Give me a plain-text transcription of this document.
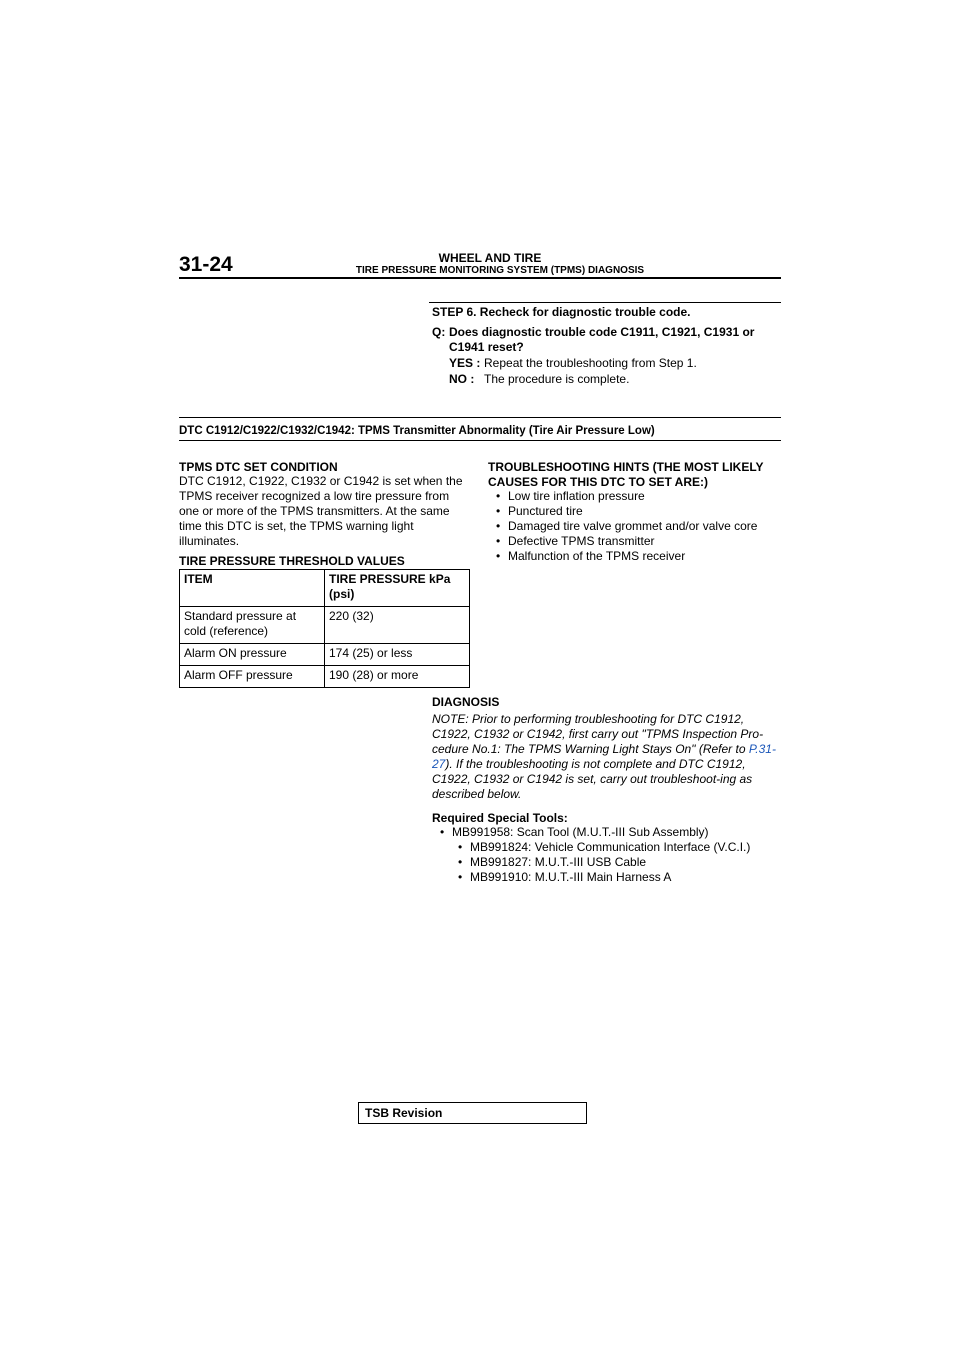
31-24	WHEEL AND TIRE
TIRE PRESSURE MONITORING SYSTEM (TPMS) DIAGNOSIS
STEP 6. Recheck for diagnostic trouble code.
Q: Does diagnostic trouble code C1911, C1921, C1931 or C1941 reset?
YES : Repeat the troubleshooting from Step 1.
NO : The procedure is complete.
DTC C1912/C1922/C1932/C1942: TPMS Transmitter Abnormality (Tire Air Pressure Low)
TPMS DTC SET CONDITION
DTC C1912, C1922, C1932 or C1942 is set when the TPMS receiver recognized a low tire pressure from one or more of the TPMS transmitters. At the same time this DTC is set, the TPMS warning light illuminates.
TIRE PRESSURE THRESHOLD VALUES
ITEM	TIRE PRESSURE kPa (psi)
Standard pressure at cold (reference)	220 (32)
Alarm ON pressure	174 (25) or less
Alarm OFF pressure	190 (28) or more
TROUBLESHOOTING HINTS (THE MOST LIKELY CAUSES FOR THIS DTC TO SET ARE:)
• Low tire inflation pressure
• Punctured tire
• Damaged tire valve grommet and/or valve core
• Defective TPMS transmitter
• Malfunction of the TPMS receiver
DIAGNOSIS
NOTE: Prior to performing troubleshooting for DTC C1912, C1922, C1932 or C1942, first carry out "TPMS Inspection Pro-cedure No.1: The TPMS Warning Light Stays On" (Refer to P.31-27). If the troubleshooting is not complete and DTC C1912, C1922, C1932 or C1942 is set, carry out troubleshoot-ing as described below.
Required Special Tools:
• MB991958: Scan Tool (M.U.T.-III Sub Assembly)
• MB991824: Vehicle Communication Interface (V.C.I.)
• MB991827: M.U.T.-III USB Cable
• MB991910: M.U.T.-III Main Harness A
TSB Revision
